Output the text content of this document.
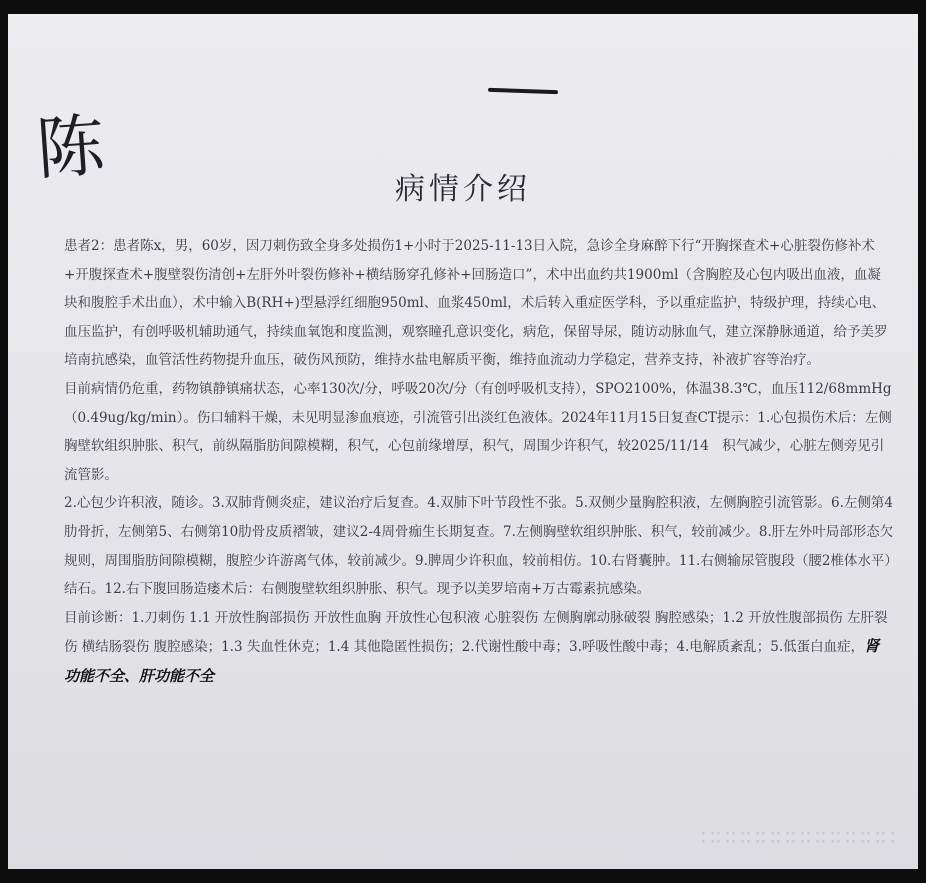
陈	病情介绍

患者2：患者陈x，男，60岁，因刀刺伤致全身多处损伤1+小时于2025-11-13日入院，急诊全身麻醉下行“开胸探查术+心脏裂伤修补术+开腹探查术+腹壁裂伤清创+左肝外叶裂伤修补+横结肠穿孔修补+回肠造口”，术中出血约共1900ml（含胸腔及心包内吸出血液，血凝块和腹腔手术出血），术中输入B(RH+)型悬浮红细胞950ml、血浆450ml，术后转入重症医学科，予以重症监护，特级护理，持续心电、血压监护，有创呼吸机辅助通气，持续血氧饱和度监测，观察瞳孔意识变化，病危，保留导尿，随访动脉血气，建立深静脉通道，给予美罗培南抗感染，血管活性药物提升血压，破伤风预防，维持水盐电解质平衡，维持血流动力学稳定，营养支持，补液扩容等治疗。

目前病情仍危重，药物镇静镇痛状态，心率130次/分，呼吸20次/分（有创呼吸机支持），SPO2100%，体温38.3℃，血压112/68mmHg（0.49ug/kg/min）。伤口辅料干燥，未见明显渗血痕迹，引流管引出淡红色液体。2024年11月15日复查CT提示：1.心包损伤术后：左侧胸壁软组织肿胀、积气，前纵隔脂肪间隙模糊，积气，心包前缘增厚，积气，周围少许积气，较2025/11/14　积气减少，心脏左侧旁见引流管影。

2.心包少许积液，随诊。3.双肺背侧炎症，建议治疗后复查。4.双肺下叶节段性不张。5.双侧少量胸腔积液，左侧胸腔引流管影。6.左侧第4肋骨折，左侧第5、右侧第10肋骨皮质褶皱，建议2-4周骨痂生长期复查。7.左侧胸壁软组织肿胀、积气，较前减少。8.肝左外叶局部形态欠规则，周围脂肪间隙模糊，腹腔少许游离气体，较前减少。9.脾周少许积血，较前相仿。10.右肾囊肿。11.右侧输尿管腹段（腰2椎体水平）结石。12.右下腹回肠造瘘术后：右侧腹壁软组织肿胀、积气。现予以美罗培南+万古霉素抗感染。

目前诊断：1.刀刺伤 1.1 开放性胸部损伤 开放性血胸 开放性心包积液 心脏裂伤 左侧胸廓动脉破裂 胸腔感染；1.2 开放性腹部损伤 左肝裂伤 横结肠裂伤 腹腔感染；1.3 失血性休克；1.4 其他隐匿性损伤；2.代谢性酸中毒；3.呼吸性酸中毒；4.电解质紊乱；5.低蛋白血症，肾功能不全、肝功能不全

∷∷∷∷∷∷∷∷∷∷∷∷∷
